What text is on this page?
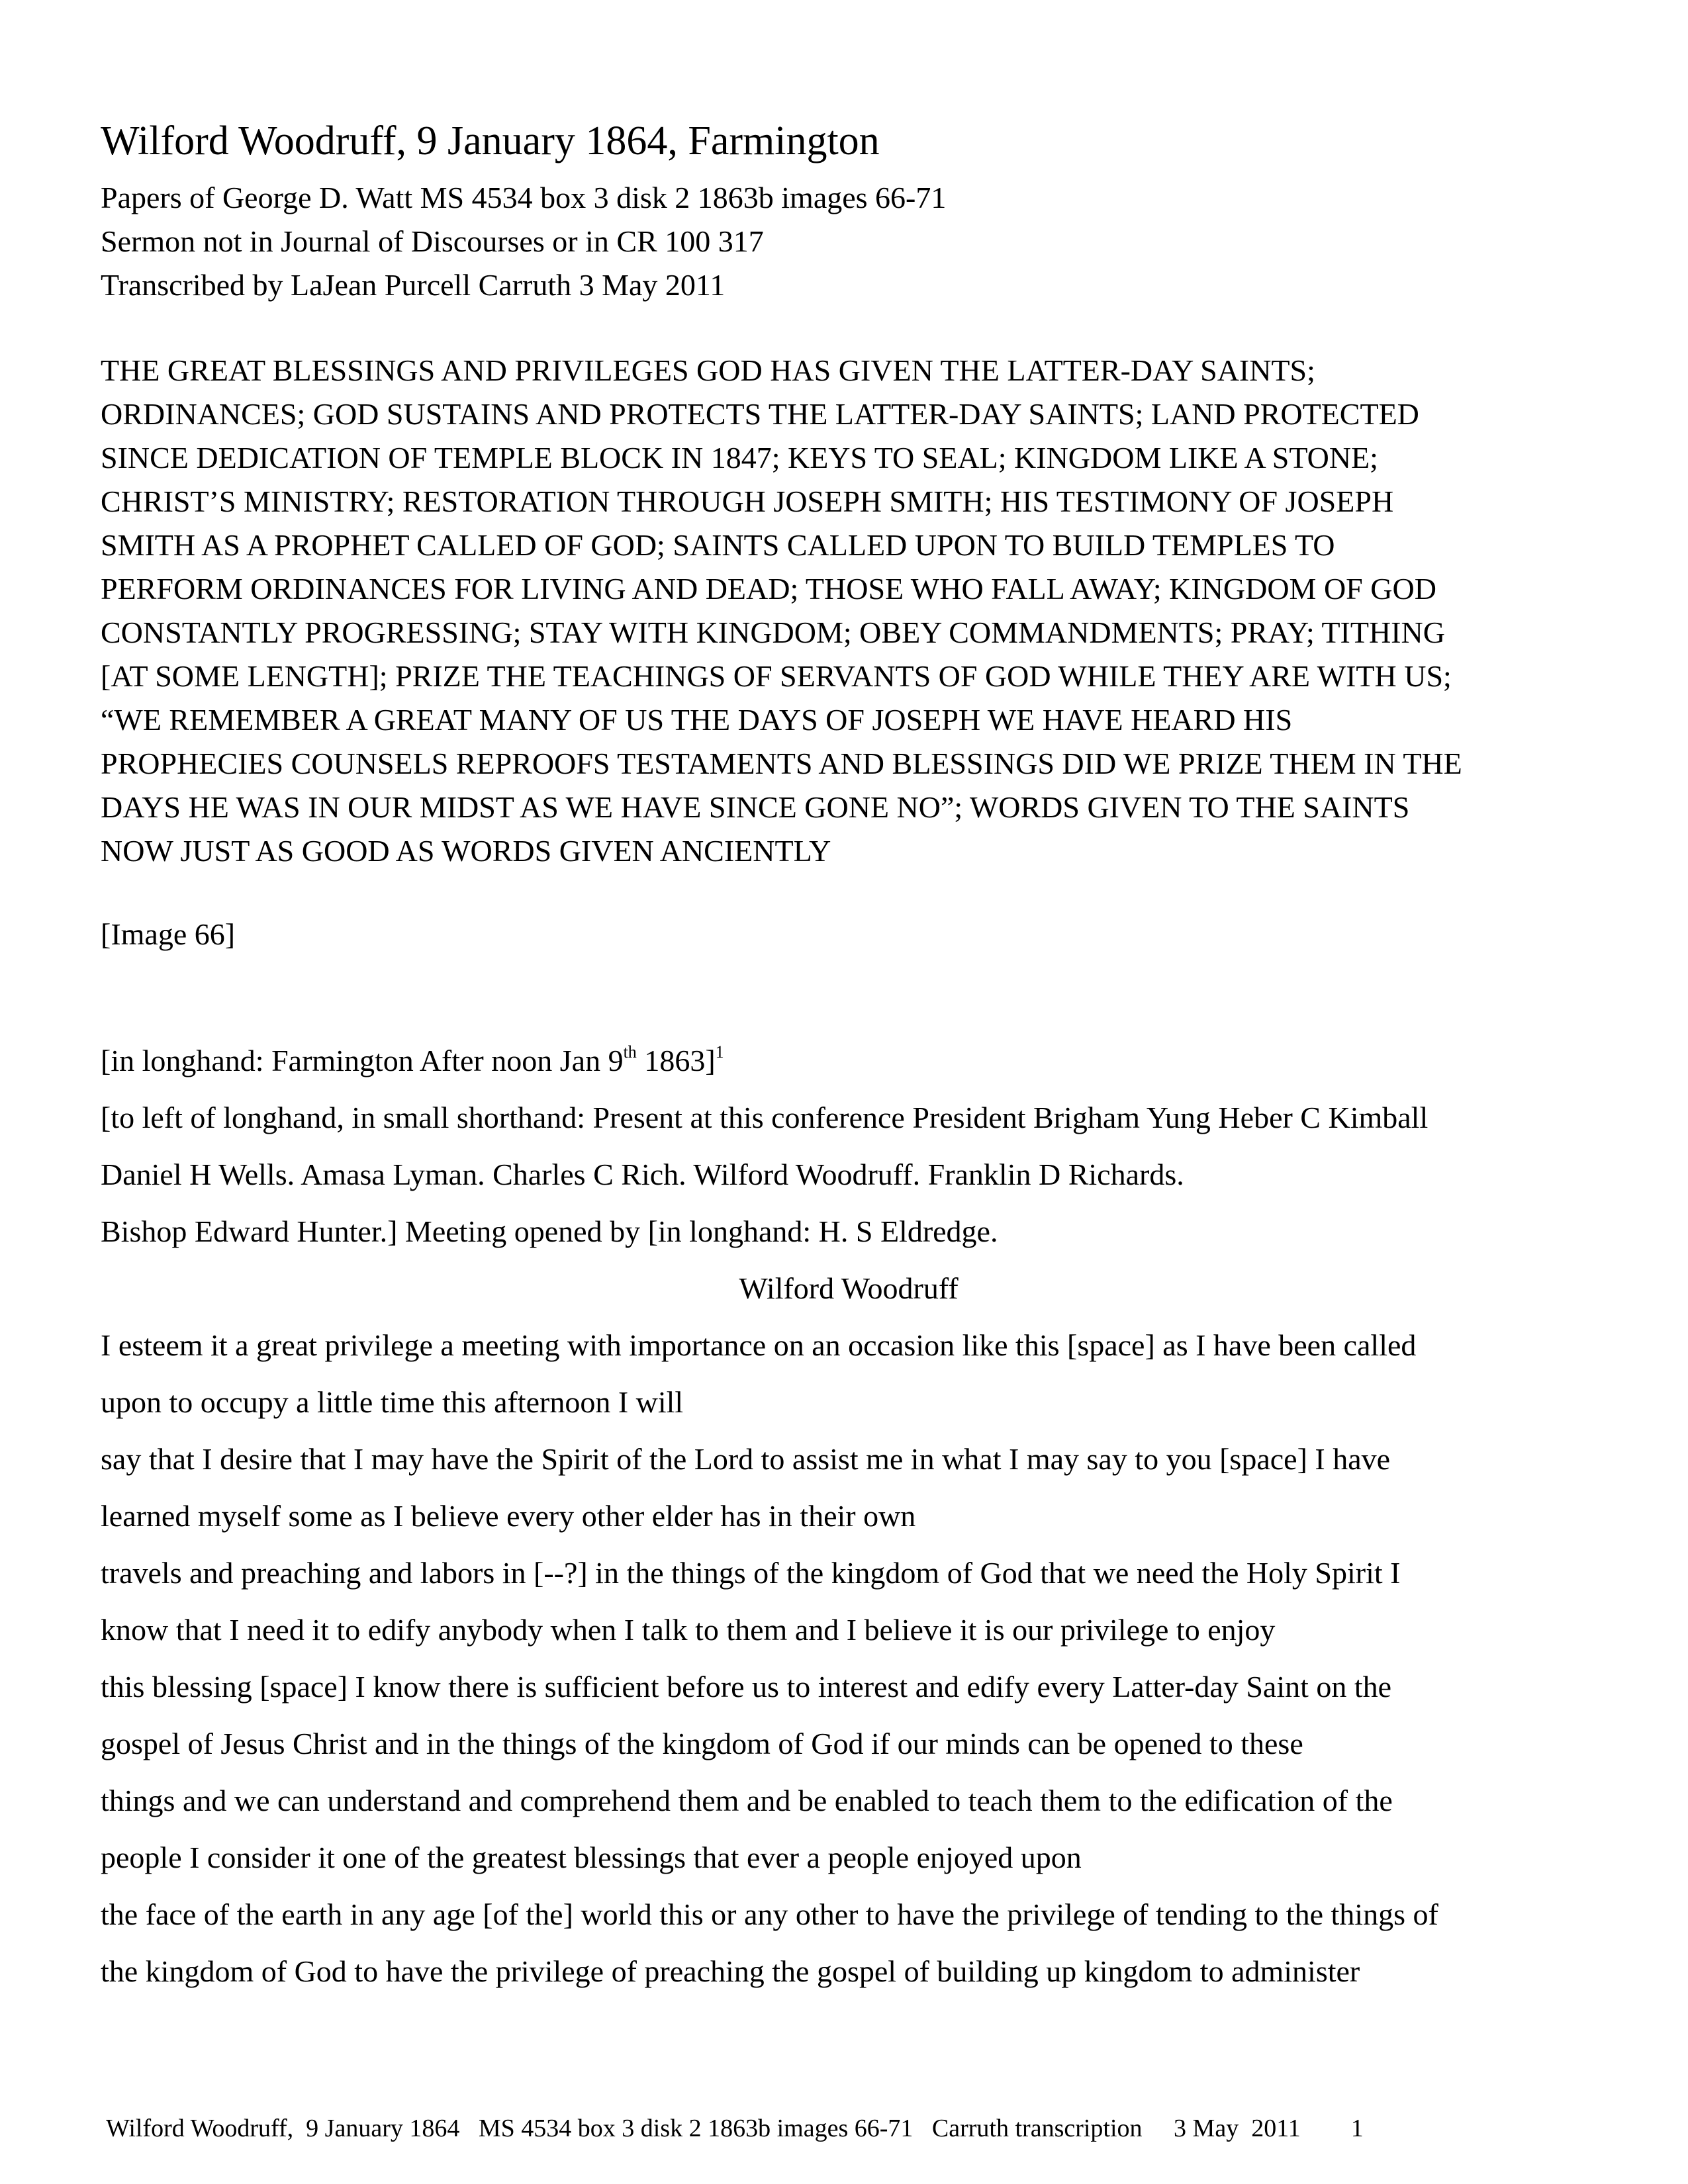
Wilford Woodruff, 9 January 1864, Farmington
Papers of George D. Watt MS 4534 box 3 disk 2 1863b images 66-71
Sermon not in Journal of Discourses or in CR 100 317
Transcribed by LaJean Purcell Carruth 3 May 2011
THE GREAT BLESSINGS AND PRIVILEGES GOD HAS GIVEN THE LATTER-DAY SAINTS;
ORDINANCES; GOD SUSTAINS AND PROTECTS THE LATTER-DAY SAINTS; LAND PROTECTED
SINCE DEDICATION OF TEMPLE BLOCK IN 1847; KEYS TO SEAL; KINGDOM LIKE A STONE;
CHRIST’S MINISTRY; RESTORATION THROUGH JOSEPH SMITH; HIS TESTIMONY OF JOSEPH
SMITH AS A PROPHET CALLED OF GOD; SAINTS CALLED UPON TO BUILD TEMPLES TO
PERFORM ORDINANCES FOR LIVING AND DEAD; THOSE WHO FALL AWAY; KINGDOM OF GOD
CONSTANTLY PROGRESSING; STAY WITH KINGDOM; OBEY COMMANDMENTS; PRAY; TITHING
[AT SOME LENGTH]; PRIZE THE TEACHINGS OF SERVANTS OF GOD WHILE THEY ARE WITH US;
“WE REMEMBER A GREAT MANY OF US THE DAYS OF JOSEPH WE HAVE HEARD HIS
PROPHECIES COUNSELS REPROOFS TESTAMENTS AND BLESSINGS DID WE PRIZE THEM IN THE
DAYS HE WAS IN OUR MIDST AS WE HAVE SINCE GONE NO”; WORDS GIVEN TO THE SAINTS
NOW JUST AS GOOD AS WORDS GIVEN ANCIENTLY
[Image 66]
[in longhand: Farmington After noon Jan 9th 1863]$^1$
[to left of longhand, in small shorthand: Present at this conference President Brigham Yung Heber C Kimball
Daniel H Wells. Amasa Lyman. Charles C Rich. Wilford Woodruff. Franklin D Richards.
Bishop Edward Hunter.] Meeting opened by [in longhand: H. S Eldredge.
Wilford Woodruff
I esteem it a great privilege a meeting with importance on an occasion like this [space] as I have been called
upon to occupy a little time this afternoon I will
say that I desire that I may have the Spirit of the Lord to assist me in what I may say to you [space] I have
learned myself some as I believe every other elder has in their own
travels and preaching and labors in [--?] in the things of the kingdom of God that we need the Holy Spirit I
know that I need it to edify anybody when I talk to them and I believe it is our privilege to enjoy
this blessing [space] I know there is sufficient before us to interest and edify every Latter-day Saint on the
gospel of Jesus Christ and in the things of the kingdom of God if our minds can be opened to these
things and we can understand and comprehend them and be enabled to teach them to the edification of the
people I consider it one of the greatest blessings that ever a people enjoyed upon
the face of the earth in any age [of the] world this or any other to have the privilege of tending to the things of
the kingdom of God to have the privilege of preaching the gospel of building up kingdom to administer
Wilford Woodruff,  9 January 1864   MS 4534 box 3 disk 2 1863b images 66-71   Carruth transcription     3 May  2011 1
